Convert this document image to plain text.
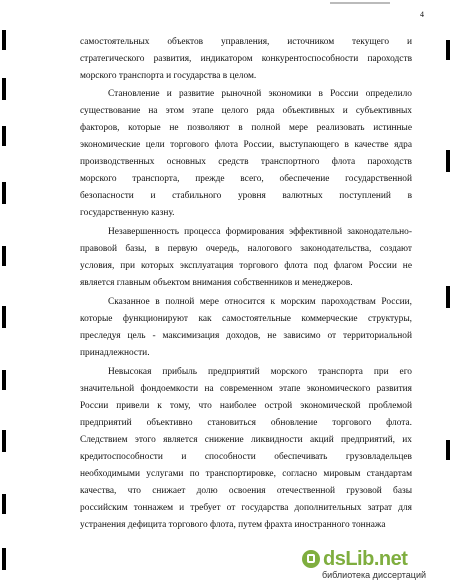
4
самостоятельных объектов управления, источником текущего и
стратегического развития, индикатором конкурентоспособности пароходств
морского транспорта и государства в целом.
Становление и развитие рыночной экономики в России определило
существование на этом этапе целого ряда объективных и субъективных
факторов, которые не позволяют в полной мере реализовать истинные
экономические цели торгового флота России, выступающего в качестве ядра
производственных основных средств транспортного флота пароходств
морского транспорта, прежде всего, обеспечение государственной
безопасности и стабильного уровня валютных поступлений в
государственную казну.
Незавершенность процесса формирования эффективной законодательно-
правовой базы, в первую очередь, налогового законодательства, создают
условия, при которых эксплуатация торгового флота под флагом России не
является главным объектом внимания собственников и менеджеров.
Сказанное в полной мере относится к морским пароходствам России,
которые функционируют как самостоятельные коммерческие структуры,
преследуя цель - максимизация доходов, не зависимо от территориальной
принадлежности.
Невысокая прибыль предприятий морского транспорта при его
значительной фондоемкости на современном этапе экономического развития
России привели к тому, что наиболее острой экономической проблемой
предприятий объективно становиться обновление торгового флота.
Следствием этого является снижение ликвидности акций предприятий, их
кредитоспособности и способности обеспечивать грузовладельцев
необходимыми услугами по транспортировке, согласно мировым стандартам
качества, что снижает долю освоения отечественной грузовой базы
российским тоннажем и требует от государства дополнительных затрат для
устранения дефицита торгового флота, путем фрахта иностранного тоннажа
dsLib.net
библиотека диссертаций
